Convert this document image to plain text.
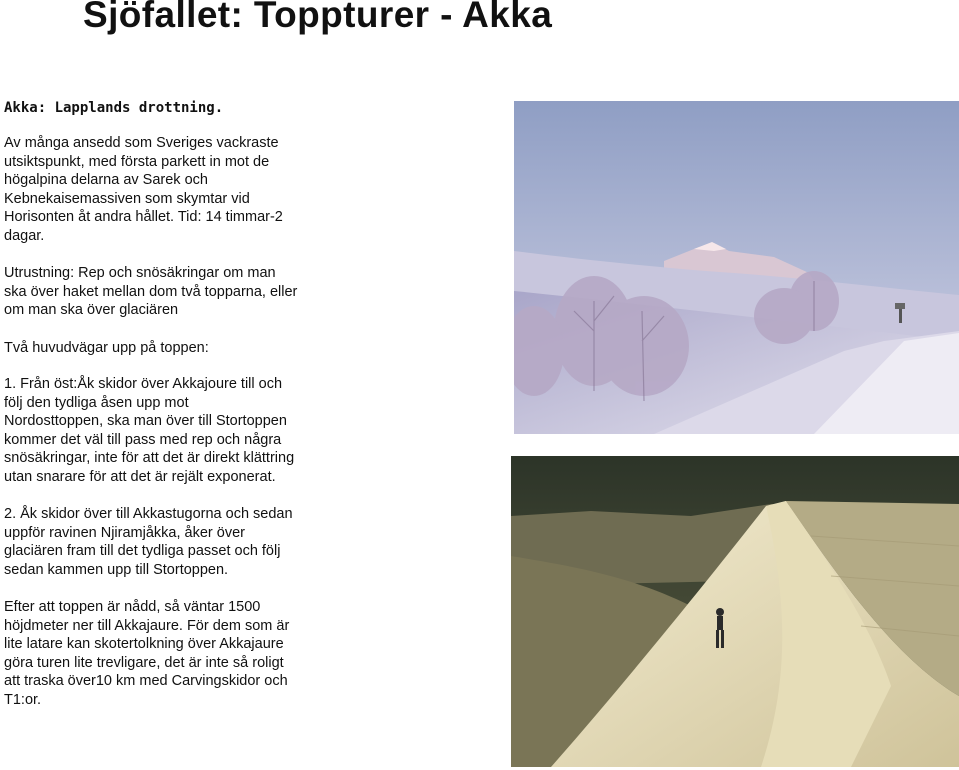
Sjöfallet: Toppturer - Akka

Akka: Lapplands drottning.

Av många ansedd som Sveriges vackraste
utsiktspunkt, med första parkett in mot de
högalpina delarna av Sarek och
Kebnekaisemassiven som skymtar vid
Horisonten åt andra hållet. Tid: 14 timmar-2
dagar.

Utrustning: Rep och snösäkringar om man
ska över haket mellan dom två topparna, eller
om man ska över glaciären

Två huvudvägar upp på toppen:

1. Från öst:Åk skidor över Akkajoure till och
följ den tydliga åsen upp mot
Nordosttoppen, ska man över till Stortoppen
kommer det väl till pass med rep och några
snösäkringar, inte för att det är direkt klättring
utan snarare för att det är rejält exponerat.

2. Åk skidor över till Akkastugorna och sedan
uppför ravinen Njiramjåkka, åker över
glaciären fram till det tydliga passet och följ
sedan kammen upp till Stortoppen.

Efter att toppen är nådd, så väntar 1500
höjdmeter ner till Akkajaure. För dem som är
lite latare kan skotertolkning över Akkajaure
göra turen lite trevligare, det är inte så roligt
att traska över10 km med Carvingskidor och
T1:or.
